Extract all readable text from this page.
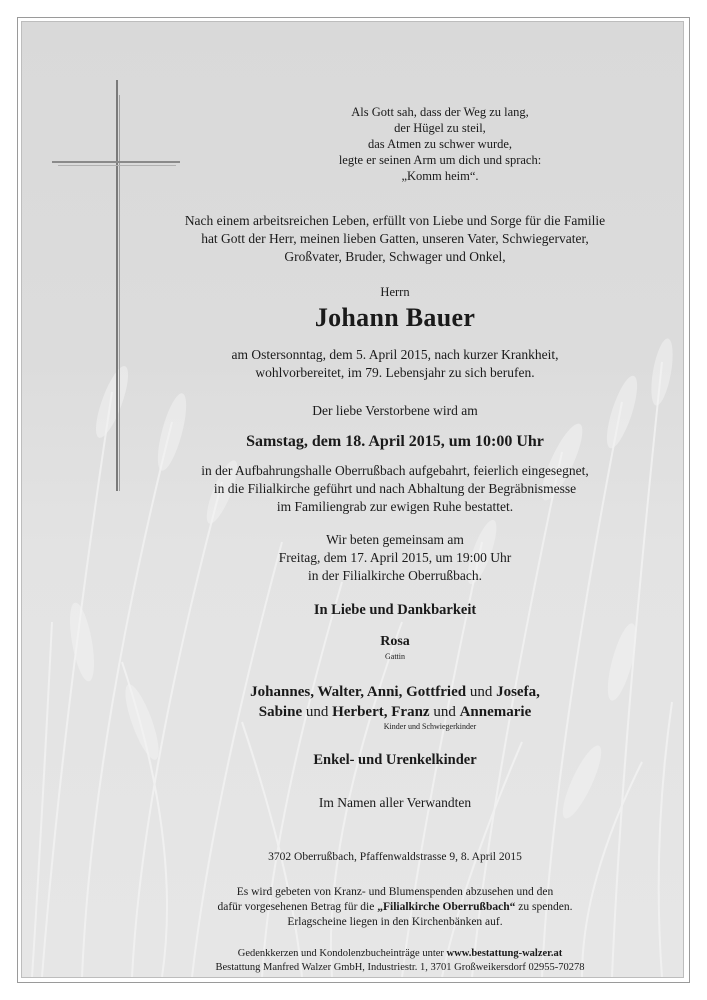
Als Gott sah, dass der Weg zu lang,
der Hügel zu steil,
das Atmen zu schwer wurde,
legte er seinen Arm um dich und sprach:
„Komm heim“.
Nach einem arbeitsreichen Leben, erfüllt von Liebe und Sorge für die Familie
hat Gott der Herr, meinen lieben Gatten, unseren Vater, Schwiegervater,
Großvater, Bruder, Schwager und Onkel,
Herrn
Johann Bauer
am Ostersonntag, dem 5. April 2015, nach kurzer Krankheit,
wohlvorbereitet, im 79. Lebensjahr zu sich berufen.
Der liebe Verstorbene wird am
Samstag, dem 18. April 2015, um 10:00 Uhr
in der Aufbahrungshalle Oberrußbach aufgebahrt, feierlich eingesegnet,
in die Filialkirche geführt und nach Abhaltung der Begräbnismesse
im Familiengrab zur ewigen Ruhe bestattet.
Wir beten gemeinsam am
Freitag, dem 17. April 2015, um 19:00 Uhr
in der Filialkirche Oberrußbach.
In Liebe und Dankbarkeit
Rosa
Gattin
Johannes, Walter, Anni, Gottfried und Josefa,
Sabine und Herbert, Franz und Annemarie
Kinder und Schwiegerkinder
Enkel- und Urenkelkinder
Im Namen aller Verwandten
3702 Oberrußbach, Pfaffenwaldstrasse 9, 8. April 2015
Es wird gebeten von Kranz- und Blumenspenden abzusehen und den
dafür vorgesehenen Betrag für die „Filialkirche Oberrußbach“ zu spenden.
Erlagscheine liegen in den Kirchenbänken auf.
Gedenkkerzen und Kondolenzbucheinträge unter www.bestattung-walzer.at
Bestattung Manfred Walzer GmbH, Industriestr. 1, 3701 Großweikersdorf 02955-70278
